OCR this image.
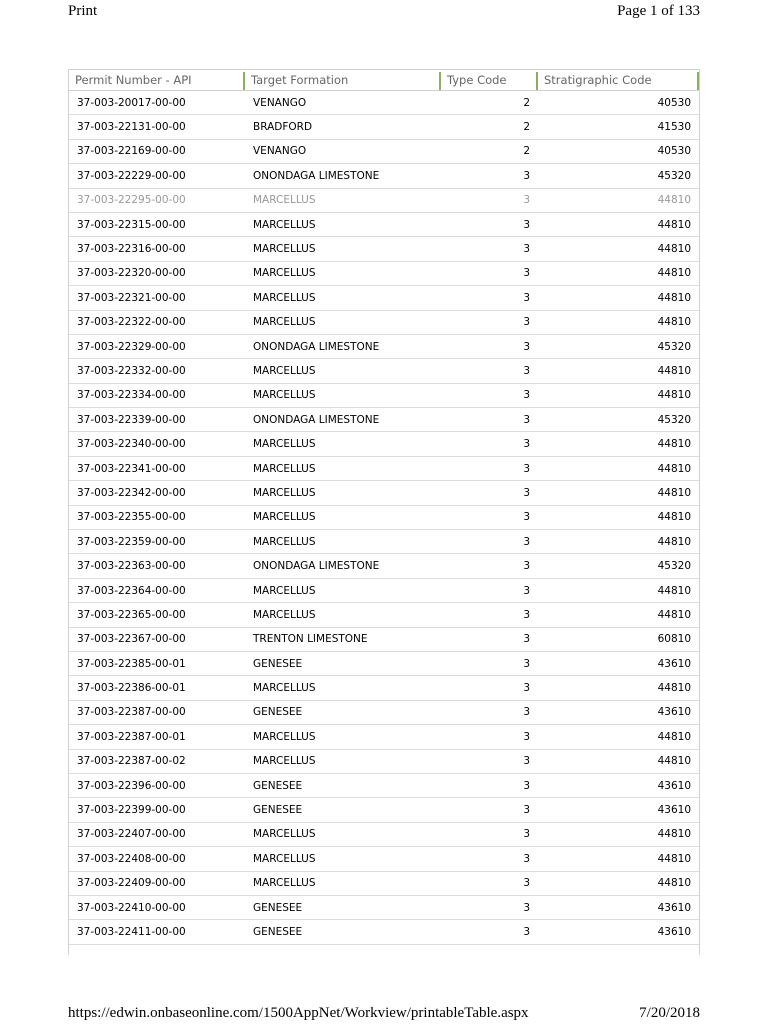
Print	Page 1 of 133
Permit Number - API	Target Formation	Type Code	Stratigraphic Code

37-003-20017-00-00	VENANGO	2	40530
37-003-22131-00-00	BRADFORD	2	41530
37-003-22169-00-00	VENANGO	2	40530
37-003-22229-00-00	ONONDAGA LIMESTONE	3	45320
37-003-22295-00-00	MARCELLUS	3	44810
37-003-22315-00-00	MARCELLUS	3	44810
37-003-22316-00-00	MARCELLUS	3	44810
37-003-22320-00-00	MARCELLUS	3	44810
37-003-22321-00-00	MARCELLUS	3	44810
37-003-22322-00-00	MARCELLUS	3	44810
37-003-22329-00-00	ONONDAGA LIMESTONE	3	45320
37-003-22332-00-00	MARCELLUS	3	44810
37-003-22334-00-00	MARCELLUS	3	44810
37-003-22339-00-00	ONONDAGA LIMESTONE	3	45320
37-003-22340-00-00	MARCELLUS	3	44810
37-003-22341-00-00	MARCELLUS	3	44810
37-003-22342-00-00	MARCELLUS	3	44810
37-003-22355-00-00	MARCELLUS	3	44810
37-003-22359-00-00	MARCELLUS	3	44810
37-003-22363-00-00	ONONDAGA LIMESTONE	3	45320
37-003-22364-00-00	MARCELLUS	3	44810
37-003-22365-00-00	MARCELLUS	3	44810
37-003-22367-00-00	TRENTON LIMESTONE	3	60810
37-003-22385-00-01	GENESEE	3	43610
37-003-22386-00-01	MARCELLUS	3	44810
37-003-22387-00-00	GENESEE	3	43610
37-003-22387-00-01	MARCELLUS	3	44810
37-003-22387-00-02	MARCELLUS	3	44810
37-003-22396-00-00	GENESEE	3	43610
37-003-22399-00-00	GENESEE	3	43610
37-003-22407-00-00	MARCELLUS	3	44810
37-003-22408-00-00	MARCELLUS	3	44810
37-003-22409-00-00	MARCELLUS	3	44810
37-003-22410-00-00	GENESEE	3	43610
37-003-22411-00-00	GENESEE	3	43610
https://edwin.onbaseonline.com/1500AppNet/Workview/printableTable.aspx	7/20/2018
